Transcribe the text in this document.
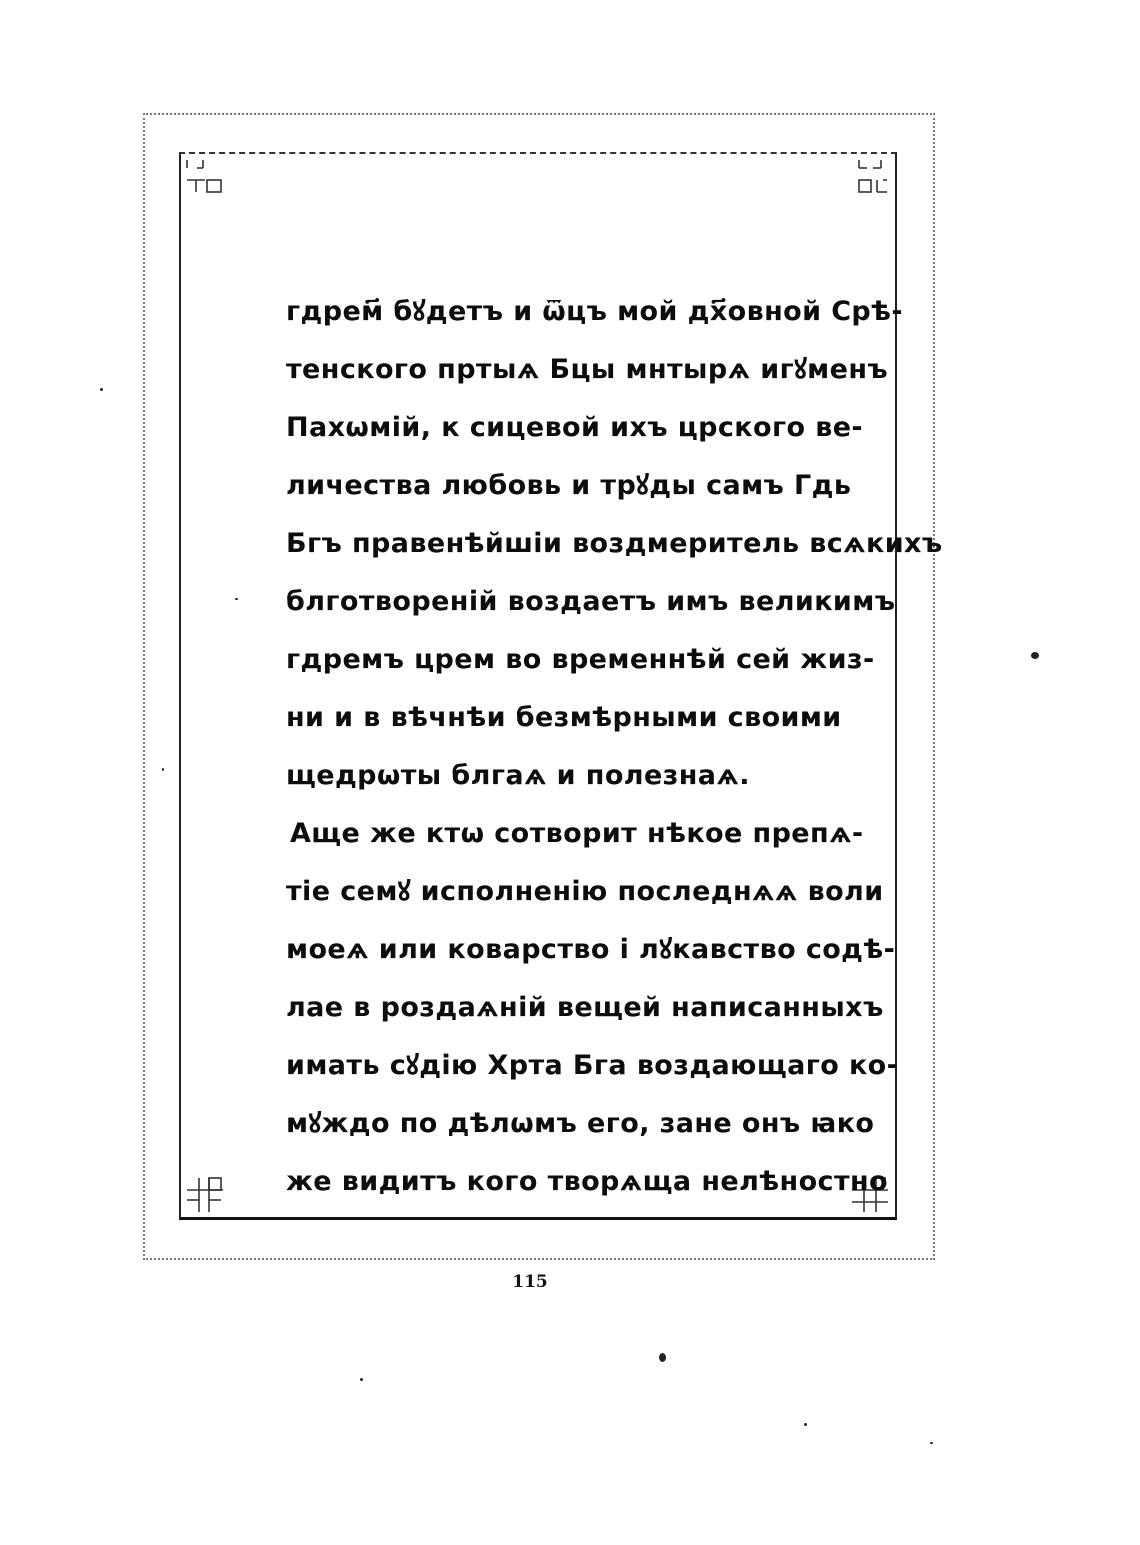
гдрем҃ бꙋдетъ и ѿцъ мой дх҃овной Срѣ-
тенского пртыѧ Бцы мнтырѧ игꙋменъ
Пахѡмій, к сицевой ихъ црского ве-
личества любовь и трꙋды самъ Гдь
Бгъ правенѣйшіи воздмеритель всѧкихъ
блготвореній воздаетъ имъ великимъ
гдремъ црем во временнѣй сей жиз-
ни и в вѣчнѣи безмѣрными своими
щедрѡты блгаѧ и полезнаѧ.
Аще же ктѡ сотворит нѣкое препѧ-
тіе семꙋ исполненію последнѧѧ воли
моеѧ или коварство і лꙋкавство содѣ-
лае в роздаѧній вещей написанныхъ
имать сꙋдію Хрта Бга воздающаго ко-
мꙋждо по дѣлѡмъ его, зане онъ ꙗко
же видитъ кого творѧща нелѣностно
115
